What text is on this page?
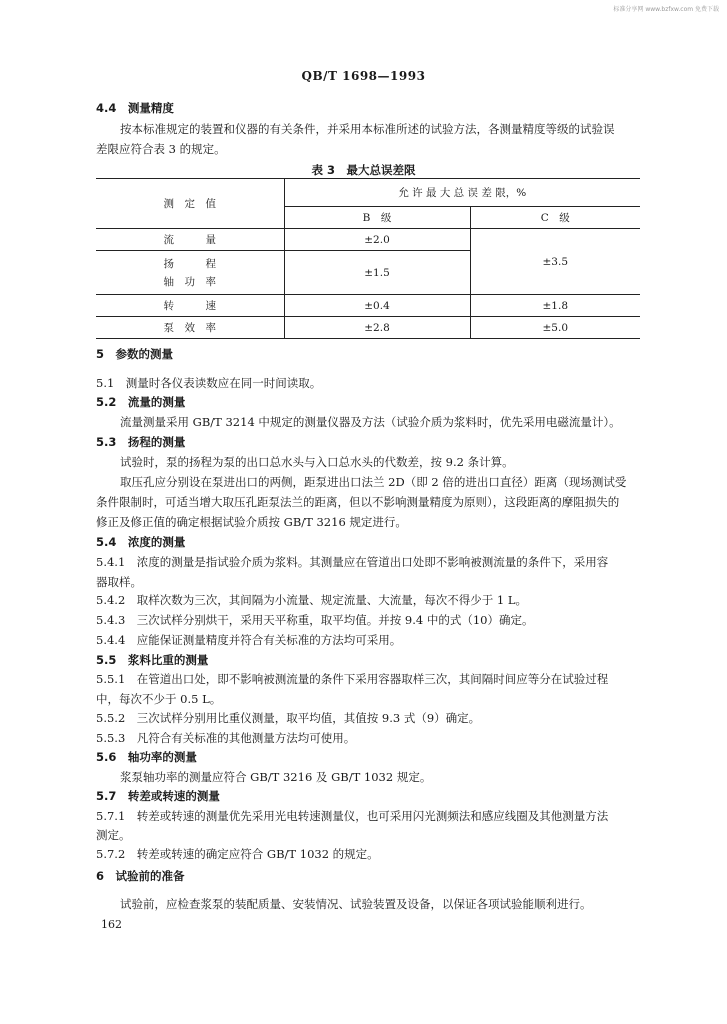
标准分享网 www.bzfxw.com 免费下载
QB/T 1698—1993
4.4　测量精度
按本标准规定的装置和仪器的有关条件，并采用本标准所述的试验方法，各测量精度等级的试验误
差限应符合表 3 的规定。
表 3　最大总误差限
测　定　值	允 许 最 大 总 误 差 限，%	
	B　级	C　级
流　　　量	±2.0	±3.5

扬　　　程
轴　功　率	±1.5	
转　　　速	±0.4	±1.8
泵　效　率	±2.8	±5.0
5　参数的测量
5.1　测量时各仪表读数应在同一时间读取。
5.2　流量的测量
流量测量采用 GB/T 3214 中规定的测量仪器及方法（试验介质为浆料时，优先采用电磁流量计）。
5.3　扬程的测量
试验时，泵的扬程为泵的出口总水头与入口总水头的代数差，按 9.2 条计算。
取压孔应分别设在泵进出口的两侧，距泵进出口法兰 2D（即 2 倍的进出口直径）距离（现场测试受
条件限制时，可适当增大取压孔距泵法兰的距离，但以不影响测量精度为原则），这段距离的摩阻损失的
修正及修正值的确定根据试验介质按 GB/T 3216 规定进行。
5.4　浓度的测量
5.4.1　浓度的测量是指试验介质为浆料。其测量应在管道出口处即不影响被测流量的条件下，采用容
器取样。
5.4.2　取样次数为三次，其间隔为小流量、规定流量、大流量，每次不得少于 1 L。
5.4.3　三次试样分别烘干，采用天平称重，取平均值。并按 9.4 中的式（10）确定。
5.4.4　应能保证测量精度并符合有关标准的方法均可采用。
5.5　浆料比重的测量
5.5.1　在管道出口处，即不影响被测流量的条件下采用容器取样三次，其间隔时间应等分在试验过程
中，每次不少于 0.5 L。
5.5.2　三次试样分别用比重仪测量，取平均值，其值按 9.3 式（9）确定。
5.5.3　凡符合有关标准的其他测量方法均可使用。
5.6　轴功率的测量
浆泵轴功率的测量应符合 GB/T 3216 及 GB/T 1032 规定。
5.7　转差或转速的测量
5.7.1　转差或转速的测量优先采用光电转速测量仪，也可采用闪光测频法和感应线圈及其他测量方法
测定。
5.7.2　转差或转速的确定应符合 GB/T 1032 的规定。
6　试验前的准备
试验前，应检查浆泵的装配质量、安装情况、试验装置及设备，以保证各项试验能顺利进行。
162
